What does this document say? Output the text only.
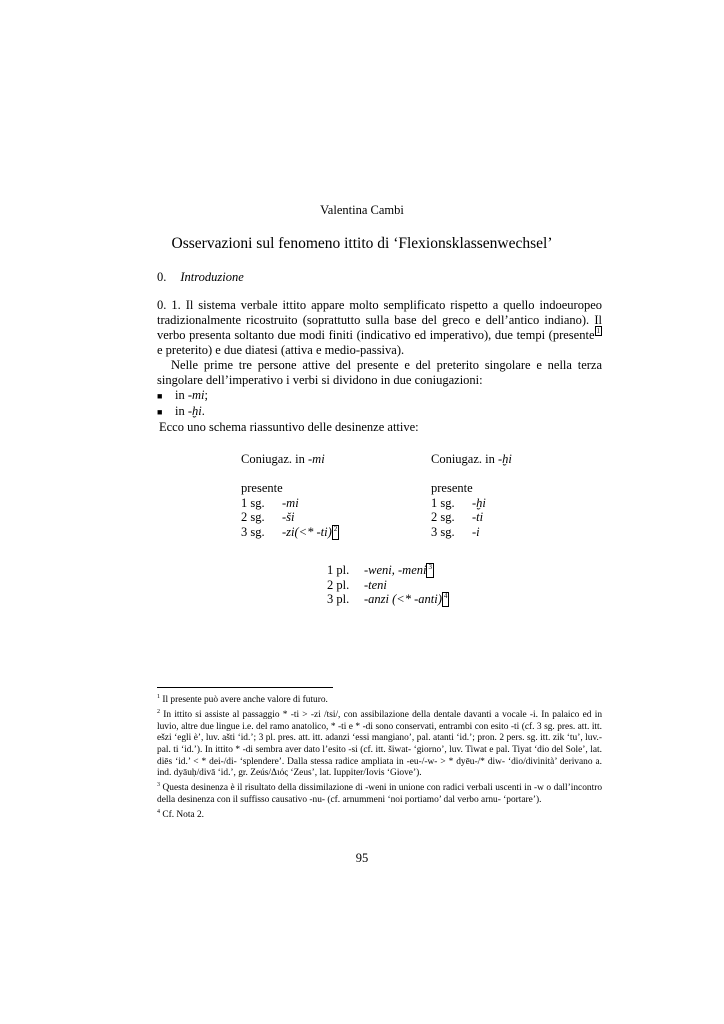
Valentina Cambi
Osservazioni sul fenomeno ittito di ‘Flexionsklassenwechsel’
0. Introduzione

0. 1. Il sistema verbale ittito appare molto semplificato rispetto a quello indoeuropeo tradizionalmente ricostruito (soprattutto sulla base del greco e dell’antico indiano). Il verbo presenta soltanto due modi finiti (indicativo ed imperativo), due tempi (presente $^1$ e preterito) e due diatesi (attiva e medio-passiva).

Nelle prime tre persone attive del presente e del preterito singolare e nella terza singolare dell’imperativo i verbi si dividono in due coniugazioni:

■ in -mi;
■ in -ḫi.

Ecco uno schema riassuntivo delle desinenze attive:

Coniugaz. in -mi
presente
1 sg.	-mi
2 sg.	-ši
3 sg.	-zi (<* -ti) 2
Coniugaz. in -ḫi
presente
1 sg.	-ḫi
2 sg.	-ti
3 sg.	-i
1 pl.	-weni, -meni 3
2 pl.	-teni
3 pl.	-anzi (<* -anti) 4

$^1$ Il presente può avere anche valore di futuro.

$^2$ In ittito si assiste al passaggio * -ti > -zi /tsi/, con assibilazione della dentale davanti a vocale -i. In palaico ed in luvio, altre due lingue i.e. del ramo anatolico, * -ti e * -di sono conservati, entrambi con esito -ti (cf. 3 sg. pres. att. itt. ešzi ‘egli è’, luv. ašti ‘id.’; 3 pl. pres. att. itt. adanzi ‘essi mangiano’, pal. atanti ‘id.’; pron. 2 pers. sg. itt. zik ‘tu’, luv.-pal. ti ‘id.’). In ittito * -di sembra aver dato l’esito -si (cf. itt. šiwat- ‘giorno’, luv. Tiwat e pal. Tiyat ‘dio del Sole’, lat. diēs ‘id.’ < * dei-/di- ‘splendere’. Dalla stessa radice ampliata in -eu-/-w- > * dyēu-/* diw- ‘dio/divinità’ derivano a. ind. dyāuḥ/divā ‘id.’, gr. Zeús/Διός ‘Zeus’, lat. Iuppiter/Iovis ‘Giove’).

$^3$ Questa desinenza è il risultato della dissimilazione di -weni in unione con radici verbali uscenti in -w o dall’incontro della desinenza con il suffisso causativo -nu- (cf. arnummeni ‘noi portiamo’ dal verbo arnu- ‘portare’).

$^4$ Cf. Nota 2.

95
